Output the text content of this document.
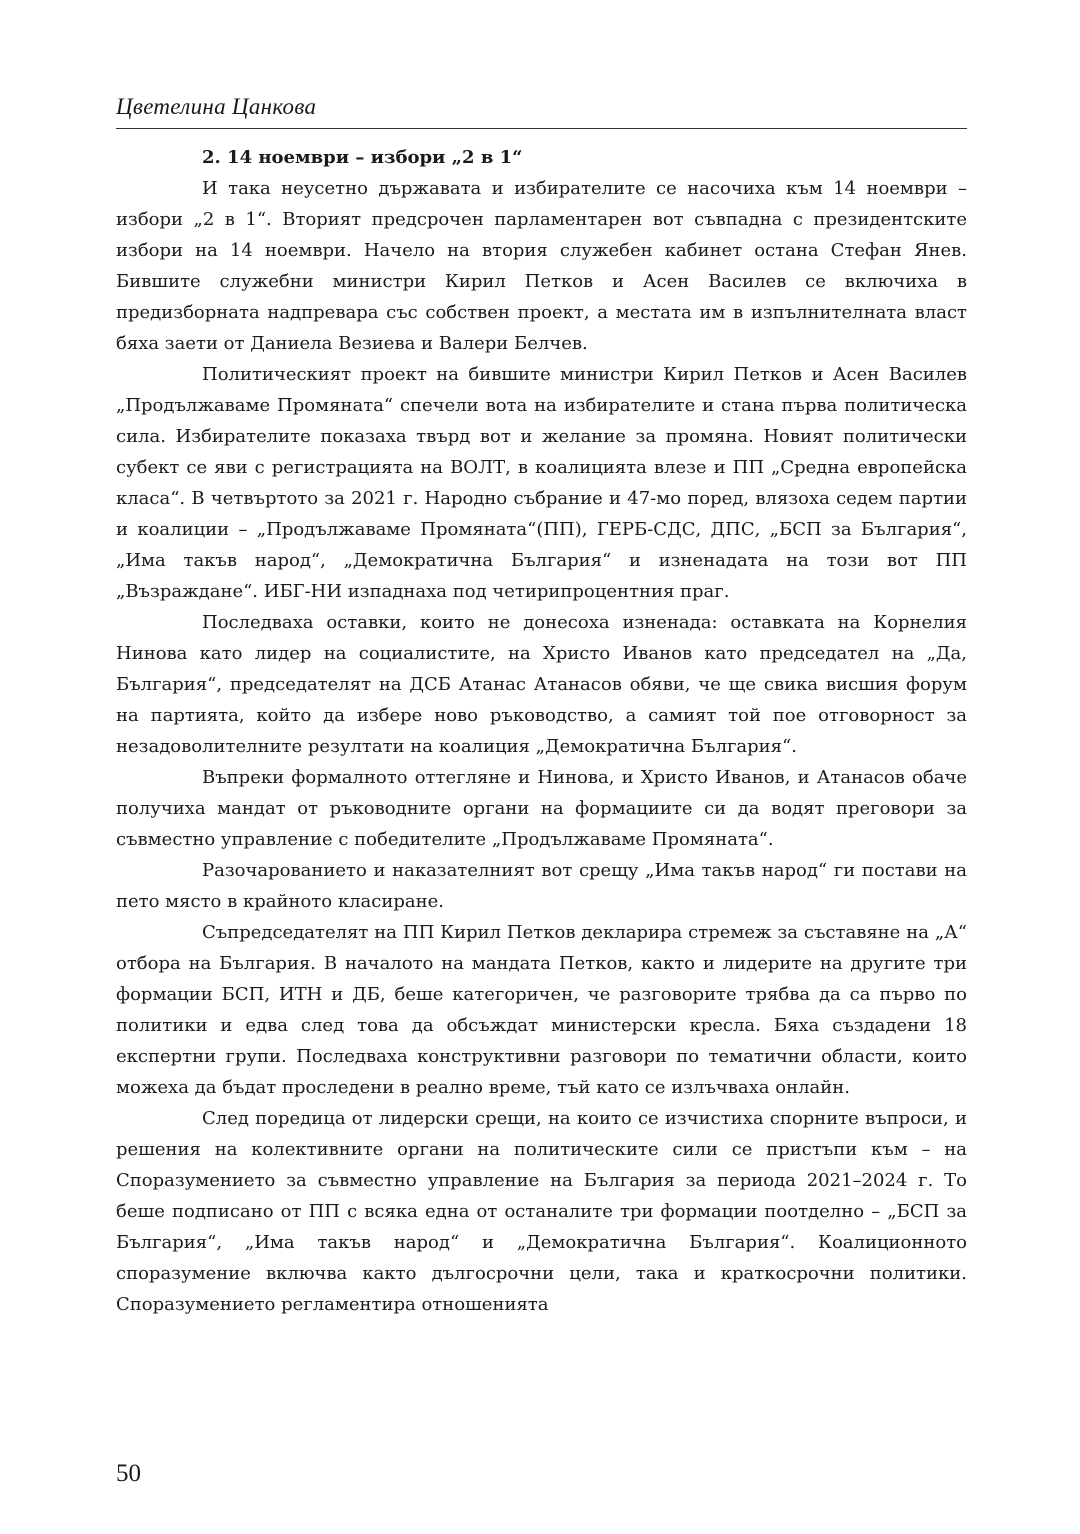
Цветелина Цанкова
2. 14 ноември – избори „2 в 1“

И така неусетно държавата и избирателите се насочиха към 14 ноември – избори „2 в 1“. Вторият предсрочен парламентарен вот съвпадна с президентските избори на 14 ноември. Начело на втория служебен кабинет остана Стефан Янев. Бившите служебни министри Кирил Петков и Асен Василев се включиха в предизборната надпревара със собствен проект, а местата им в изпълнителната власт бяха заети от Даниела Везиева и Валери Белчев.

Политическият проект на бившите министри Кирил Петков и Асен Василев „Продължаваме Промяната“ спечели вота на избирателите и стана първа политическа сила. Избирателите показаха твърд вот и желание за промяна. Новият политически субект се яви с регистрацията на ВОЛТ, в коалицията влезе и ПП „Средна европейска класа“. В четвъртото за 2021 г. Народно събрание и 47-мо поред, влязоха седем партии и коалиции – „Продължаваме Промяната“(ПП), ГЕРБ-СДС, ДПС, „БСП за България“, „Има такъв народ“, „Демократична България“ и изненадата на този вот ПП „Възраждане“. ИБГ-НИ изпаднаха под четирипроцентния праг.

Последваха оставки, които не донесоха изненада: оставката на Корнелия Нинова като лидер на социалистите, на Христо Иванов като председател на „Да, България“, председателят на ДСБ Атанас Атанасов обяви, че ще свика висшия форум на партията, който да избере ново ръководство, а самият той пое отговорност за незадоволителните резултати на коалиция „Демократична България“.

Въпреки формалното оттегляне и Нинова, и Христо Иванов, и Атанасов обаче получиха мандат от ръководните органи на формациите си да водят преговори за съвместно управление с победителите „Продължаваме Промяната“.

Разочарованието и наказателният вот срещу „Има такъв народ“ ги постави на пето място в крайното класиране.

Съпредседателят на ПП Кирил Петков декларира стремеж за съставяне на „А“ отбора на България. В началото на мандата Петков, както и лидерите на другите три формации БСП, ИТН и ДБ, беше категоричен, че разговорите трябва да са първо по политики и едва след това да обсъждат министерски кресла. Бяха създадени 18 експертни групи. Последваха конструктивни разговори по тематични области, които можеха да бъдат проследени в реално време, тъй като се излъчваха онлайн.

След поредица от лидерски срещи, на които се изчистиха спорните въпроси, и решения на колективните органи на политическите сили се пристъпи към – на Споразумението за съвместно управление на България за периода 2021–2024 г. То беше подписано от ПП с всяка една от останалите три формации поотделно – „БСП за България“, „Има такъв народ“ и „Демократична България“. Коалиционното споразумение включва както дългосрочни цели, така и краткосрочни политики. Споразумението регламентира отношенията

50
